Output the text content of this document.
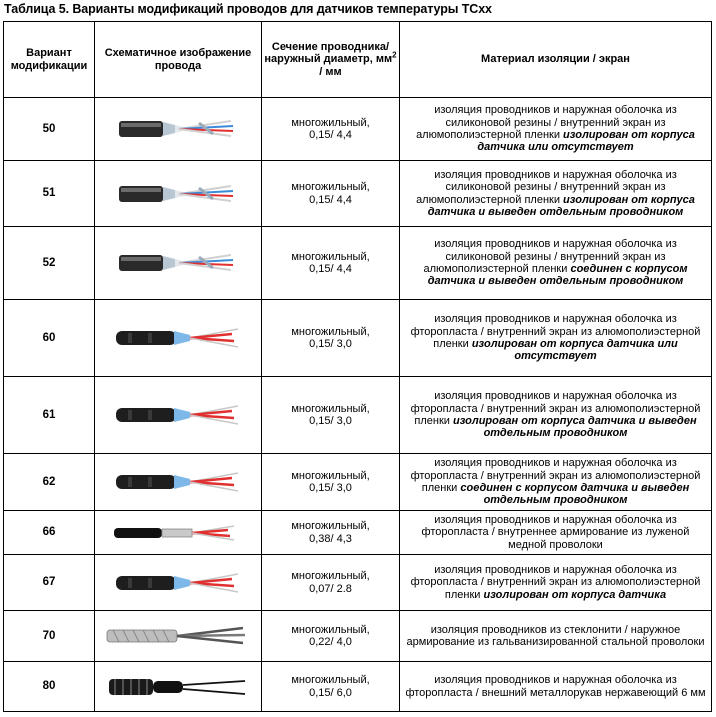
Таблица 5. Варианты модификаций проводов для датчиков температуры ТСхх
Вариант модификации	Схематичное изображение провода	Сечение проводника/ наружный диаметр, $мм^2$ / мм	Материал изоляции / экран
50		многожильный,
0,15/ 4,4	изоляция проводников и наружная оболочка из силиконовой резины / внутренний экран из алюмополиэстерной пленки изолирован от корпуса датчика или отсутствует
51		многожильный,
0,15/ 4,4	изоляция проводников и наружная оболочка из силиконовой резины / внутренний экран из алюмополиэстерной пленки изолирован от корпуса датчика и выведен отдельным проводником
52		многожильный,
0,15/ 4,4	изоляция проводников и наружная оболочка из силиконовой резины / внутренний экран из алюмополиэстерной пленки соединен с корпусом датчика и выведен отдельным проводником
60		многожильный,
0,15/ 3,0	изоляция проводников и наружная оболочка из фторопласта / внутренний экран из алюмополиэстерной пленки изолирован от корпуса датчика или отсутствует
61		многожильный,
0,15/ 3,0	изоляция проводников и наружная оболочка из фторопласта / внутренний экран из алюмополиэстерной пленки изолирован от корпуса датчика и выведен отдельным проводником
62		многожильный,
0,15/ 3,0	изоляция проводников и наружная оболочка из фторопласта / внутренний экран из алюмополиэстерной пленки соединен с корпусом датчика и выведен отдельным проводником
66		многожильный,
0,38/ 4,3	изоляция проводников и наружная оболочка из фторопласта / внутреннее армирование из луженой медной проволоки
67		многожильный,
0,07/ 2.8	изоляция проводников и наружная оболочка из фторопласта / внутренний экран из алюмополиэстерной пленки изолирован от корпуса датчика
70		многожильный,
0,22/ 4,0	изоляция проводников из стеклонити / наружное армирование из гальванизированной стальной проволоки
80		многожильный,
0,15/ 6,0	изоляция проводников и наружная оболочка из фторопласта / внешний металлорукав нержавеющий 6 мм
